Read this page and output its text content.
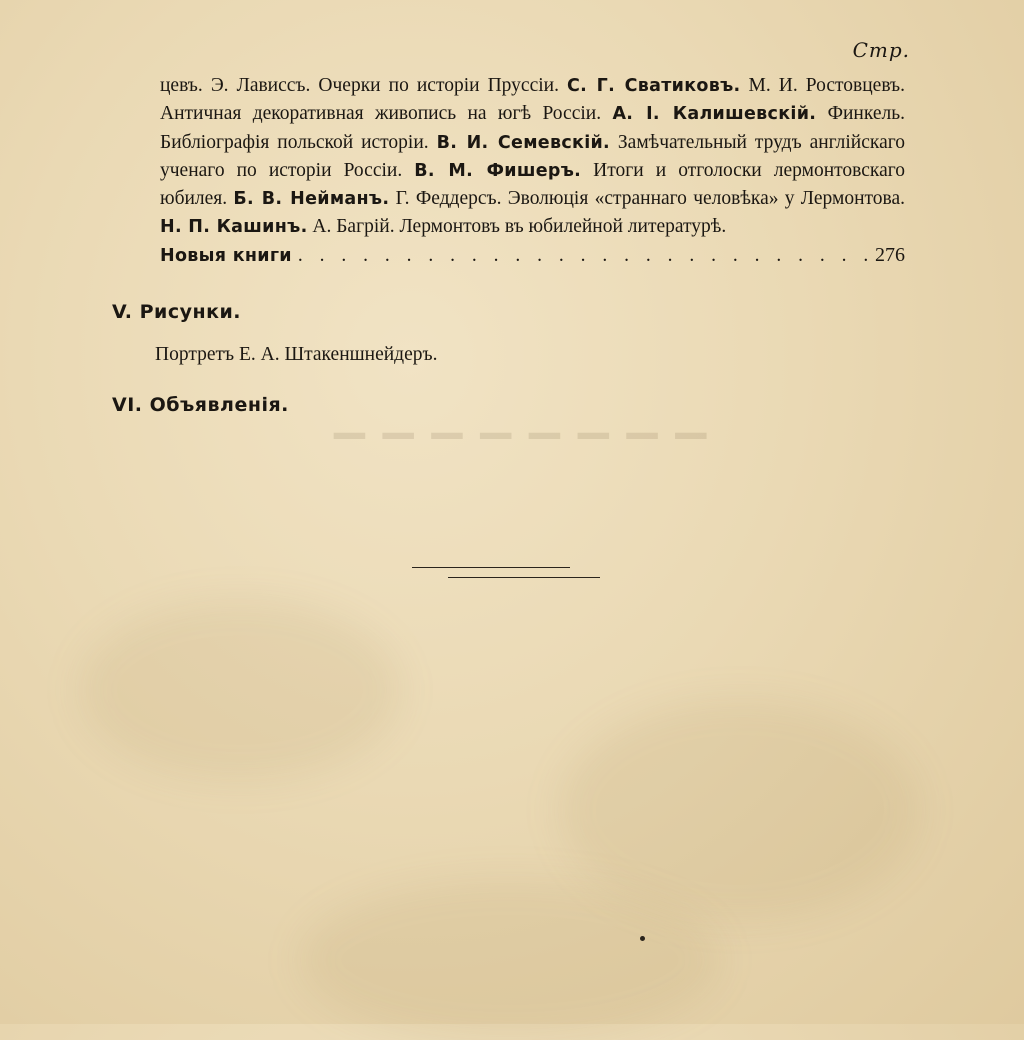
▁ ▁ ▁ ▁ ▁ ▁ ▁ ▁
Стр.
цевъ. Э. Лависсъ. Очерки по исторіи Пруссіи. С. Г. Сватиковъ. М. И. Ростовцевъ. Античная декоративная живопись на югѣ Россіи. А. І. Калишевскій. Финкель. Библіографія польской исторіи. В. И. Семевскій. Замѣчательный трудъ англійскаго ученаго по исторіи Россіи. В. М. Фишеръ. Итоги и отголоски лермонтовскаго юбилея. Б. В. Нейманъ. Г. Феддерсъ. Эволюція «страннаго человѣка» у Лермонтова. Н. П. Кашинъ. А. Багрій. Лермонтовъ въ юбилейной литературѣ.
Новыя книги
. . .	276
V. Рисунки.
Портретъ Е. А. Штакеншнейдеръ.
VI. Объявленія.
